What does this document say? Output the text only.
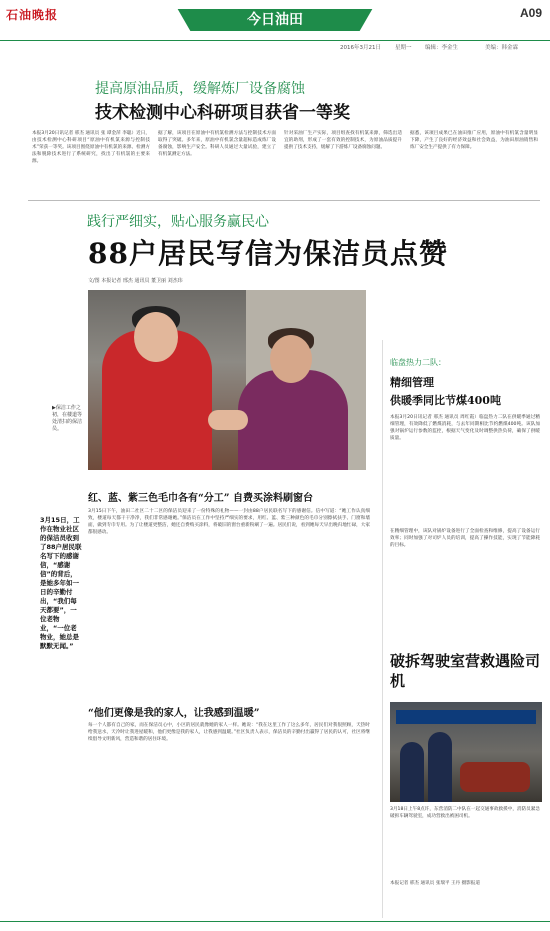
石油晚报	今日油田	A09
2016年3月21日	星期一 编辑：李金生	美编：韩金霖
提高原油品质，缓解炼厂设备腐蚀
技术检测中心科研项目获省一等奖
本报3月20日讯记者 邢杰 通讯员 张 谭金萍 李聪）近日，由技术检测中心科研项目“原油中有机氯来源与控制技术”荣获一等奖。该项目围绕原油中有机氯的来源、检测方法和脱除技术进行了系统研究，找出了有机氯的主要来源。
据了解，该项目在原油中有机氯检测方法与控制技术方面取得了突破。多年来，原油中有机氯含量超标造成炼厂设备腐蚀，影响生产安全。科研人员通过大量试验，建立了有机氯测定方法。
针对采油厂生产实际，项目组查找有机氯来源，筛选出适宜的助剂，形成了一套有效的控制技术，为原油品质提升提供了技术支持，缓解了下游炼厂设备腐蚀问题。
据悉，该项目成果已在油田推广应用，原油中有机氯含量明显下降，产生了良好的经济效益和社会效益，为油田原油销售和炼厂安全生产提供了有力保障。
践行严细实，贴心服务赢民心
88户居民写信为保洁员点赞
文/图 本报记者 邢杰 通讯员 董卫丽 刘杰玮
▶保洁工作之初，在楼道等处清扫的保洁员。
红、蓝、紫三色毛巾各有“分工” 自费买涂料刷窗台
3月15日下午，油田二社区二十二区的保洁员迎来了一份特殊的礼物——一封由88户居民联名写下的感谢信。信中写道：“她工作认真细致，楼道每天都干干净净，我们非常感谢她。”保洁员在工作中坚持严细实的要求，用红、蓝、紫三种颜色的毛巾分别擦拭扶手、门窗和墙面，做到专巾专用。为了让楼道更整洁，她还自费购买涂料，将破旧的窗台重新粉刷了一遍。居民们说，看到她每天早出晚归地忙碌，大家都很感动。
3月15日，工作在物业社区的保洁员收到了88户居民联名写下的感谢信，“感谢信”的背后，是她多年如一日的辛勤付出，“我们每天都要”，一位老物业，“一位老物业，她总是默默无闻。”
“他们更像是我的家人，让我感到温暖”
每一个人都有自己的家，而在保洁员心中，小区的居民就像她的家人一样。她说：“我在这里工作了这么多年，居民们对我很照顾，天热时给我送水，天冷时让我进屋暖和，他们更像是我的家人，让我感到温暖。”社区负责人表示，保洁员的辛勤付出赢得了居民的认可，社区将继续倡导文明新风，营造和谐的居住环境。
临盘热力二队：
精细管理
供暖季同比节煤400吨
本报3月20日讯记者 邢杰 通讯员 周红霞）临盘热力二队在供暖季通过精细管理，有效降低了燃煤消耗，与去年同期相比节约燃煤400吨。该队加强对锅炉运行参数的监控，根据天气变化及时调整供热负荷，确保了供暖质量。
在精细管理中，该队对锅炉设备进行了全面检查和维修，提高了设备运行效率；同时加强了对司炉人员的培训，提高了操作技能，实现了节能降耗的目标。
破拆驾驶室营救遇险司机
3月18日上午8点许，东营消防二中队在一起交通事故救援中，消防员紧急破拆车辆驾驶室，成功营救出被困司机。
本报记者 邢杰 通讯员 张瑞平 王丹 摄影报道
